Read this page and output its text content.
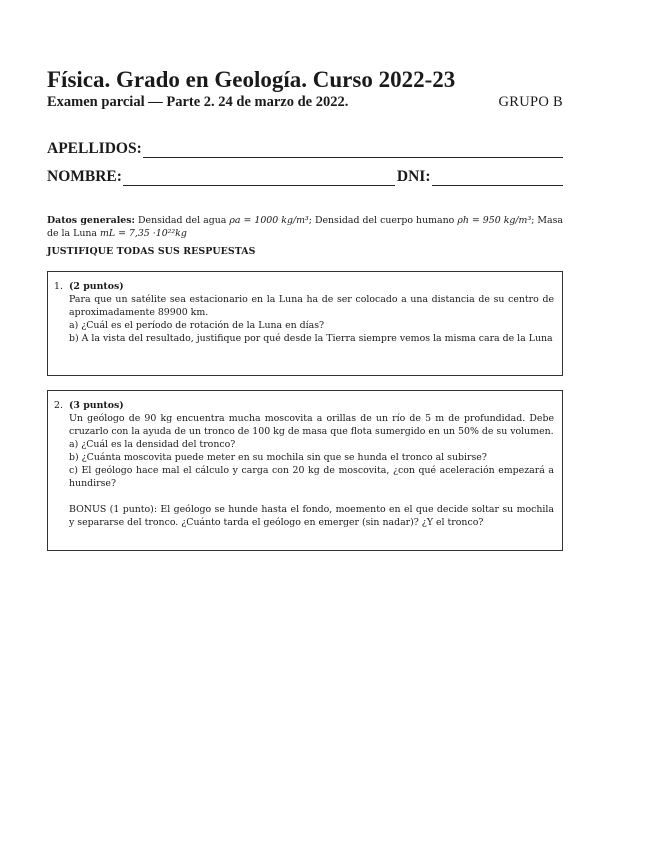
Física. Grado en Geología. Curso 2022-23
Examen parcial — Parte 2. 24 de marzo de 2022.	GRUPO B
APELLIDOS:
NOMBRE:	DNI:
Datos generales: Densidad del agua ρa = 1000 kg/m³; Densidad del cuerpo humano ρh = 950 kg/m³; Masa de la Luna mL = 7,35 ·10²²kg
JUSTIFIQUE TODAS SUS RESPUESTAS
1. (2 puntos)

Para que un satélite sea estacionario en la Luna ha de ser colocado a una distancia de su centro de aproximadamente 89900 km.

a) ¿Cuál es el período de rotación de la Luna en días?

b) A la vista del resultado, justifique por qué desde la Tierra siempre vemos la misma cara de la Luna

2. (3 puntos)

Un geólogo de 90 kg encuentra mucha moscovita a orillas de un río de 5 m de profundidad. Debe cruzarlo con la ayuda de un tronco de 100 kg de masa que flota sumergido en un 50% de su volumen.

a) ¿Cuál es la densidad del tronco?

b) ¿Cuánta moscovita puede meter en su mochila sin que se hunda el tronco al subirse?

c) El geólogo hace mal el cálculo y carga con 20 kg de moscovita, ¿con qué aceleración empezará a hundirse?

BONUS (1 punto): El geólogo se hunde hasta el fondo, moemento en el que decide soltar su mochila y separarse del tronco. ¿Cuánto tarda el geólogo en emerger (sin nadar)? ¿Y el tronco?
